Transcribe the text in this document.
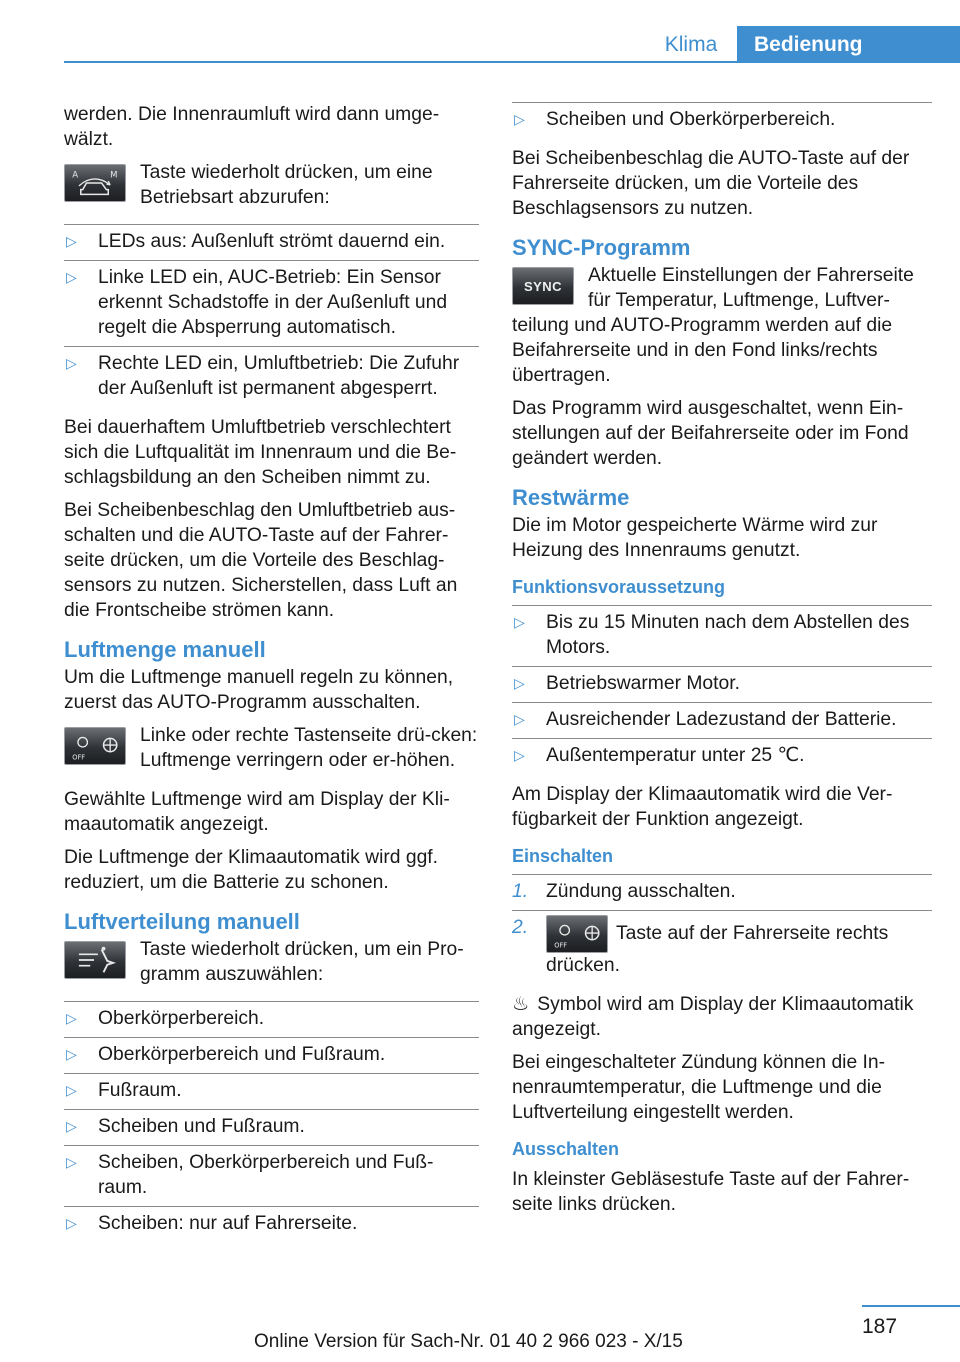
Klima	Bedienung

werden. Die Innenraumluft wird dann umge‐wälzt.

A	M	Taste wiederholt drücken, um eine Betriebsart abzurufen:
▷ LEDs aus: Außenluft strömt dauernd ein.
▷ Linke LED ein, AUC-Betrieb: Ein Sensor erkennt Schadstoffe in der Außenluft und regelt die Absperrung automatisch.
▷ Rechte LED ein, Umluftbetrieb: Die Zufuhr der Außenluft ist permanent abgesperrt.

Bei dauerhaftem Umluftbetrieb verschlechtert sich die Luftqualität im Innenraum und die Be‐schlagsbildung an den Scheiben nimmt zu.

Bei Scheibenbeschlag den Umluftbetrieb aus‐schalten und die AUTO-Taste auf der Fahrer‐seite drücken, um die Vorteile des Beschlag‐sensors zu nutzen. Sicherstellen, dass Luft an die Frontscheibe strömen kann.

Luftmenge manuell

Um die Luftmenge manuell regeln zu können, zuerst das AUTO-Programm ausschalten.

OFF
Linke oder rechte Tastenseite drü‐cken: Luftmenge verringern oder er‐höhen.

Gewählte Luftmenge wird am Display der Kli‐maautomatik angezeigt.

Die Luftmenge der Klimaautomatik wird ggf. reduziert, um die Batterie zu schonen.

Luftverteilung manuell
Taste wiederholt drücken, um ein Pro‐gramm auszuwählen:
▷ Oberkörperbereich.
▷ Oberkörperbereich und Fußraum.
▷ Fußraum.
▷ Scheiben und Fußraum.
▷ Scheiben, Oberkörperbereich und Fuß‐raum.
▷ Scheiben: nur auf Fahrerseite.
▷ Scheiben und Oberkörperbereich.

Bei Scheibenbeschlag die AUTO-Taste auf der Fahrerseite drücken, um die Vorteile des Beschlagsensors zu nutzen.

SYNC-Programm
SYNC	Aktuelle Einstellungen der Fahrerseite für Temperatur, Luftmenge, Luftver‐teilung und AUTO-Programm werden auf die Beifahrerseite und in den Fond links/rechts übertragen.

Das Programm wird ausgeschaltet, wenn Ein‐stellungen auf der Beifahrerseite oder im Fond geändert werden.

Restwärme

Die im Motor gespeicherte Wärme wird zur Heizung des Innenraums genutzt.

Funktionsvoraussetzung
▷ Bis zu 15 Minuten nach dem Abstellen des Motors.
▷ Betriebswarmer Motor.
▷ Ausreichender Ladezustand der Batterie.
▷ Außentemperatur unter 25 ℃.

Am Display der Klimaautomatik wird die Ver‐fügbarkeit der Funktion angezeigt.

Einschalten
1. Zündung ausschalten.
2.
OFF
Taste auf der Fahrerseite rechts drücken.

♨ Symbol wird am Display der Klimaautomatik angezeigt.

Bei eingeschalteter Zündung können die In‐nenraumtemperatur, die Luftmenge und die Luftverteilung eingestellt werden.

Ausschalten

In kleinster Gebläsestufe Taste auf der Fahrer‐seite links drücken.

187
Online Version für Sach-Nr. 01 40 2 966 023 - X/15
